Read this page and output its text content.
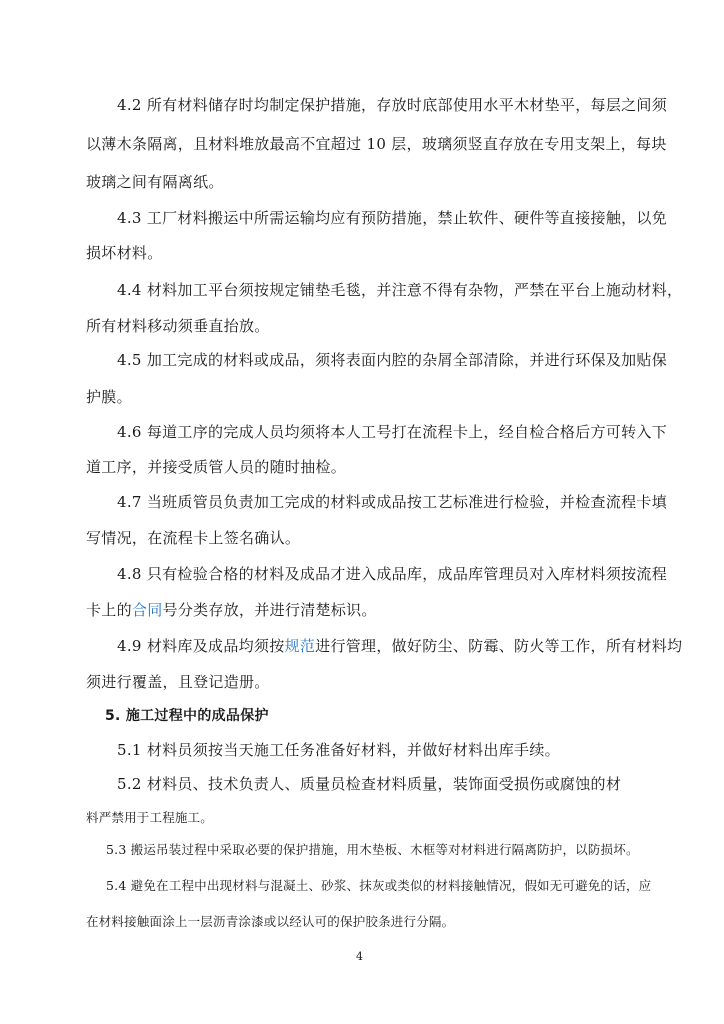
4.2 所有材料储存时均制定保护措施，存放时底部使用水平木材垫平，每层之间须
以薄木条隔离，且材料堆放最高不宜超过 10 层，玻璃须竖直存放在专用支架上，每块
玻璃之间有隔离纸。
4.3 工厂材料搬运中所需运输均应有预防措施，禁止软件、硬件等直接接触，以免
损坏材料。
4.4 材料加工平台须按规定铺垫毛毯，并注意不得有杂物，严禁在平台上施动材料，
所有材料移动须垂直抬放。
4.5 加工完成的材料或成品，须将表面内腔的杂屑全部清除，并进行环保及加贴保
护膜。
4.6 每道工序的完成人员均须将本人工号打在流程卡上，经自检合格后方可转入下
道工序，并接受质管人员的随时抽检。
4.7 当班质管员负责加工完成的材料或成品按工艺标准进行检验，并检查流程卡填
写情况，在流程卡上签名确认。
4.8 只有检验合格的材料及成品才进入成品库，成品库管理员对入库材料须按流程
卡上的合同号分类存放，并进行清楚标识。
4.9 材料库及成品均须按规范进行管理，做好防尘、防霉、防火等工作，所有材料均
须进行覆盖，且登记造册。
5. 施工过程中的成品保护
5.1 材料员须按当天施工任务准备好材料，并做好材料出库手续。
5.2 材料员、技术负责人、质量员检查材料质量，装饰面受损伤或腐蚀的材
料严禁用于工程施工。
5.3 搬运吊装过程中采取必要的保护措施，用木垫板、木框等对材料进行隔离防护，以防损坏。
5.4 避免在工程中出现材料与混凝土、砂浆、抹灰或类似的材料接触情况，假如无可避免的话，应
在材料接触面涂上一层沥青涂漆或以经认可的保护胶条进行分隔。
4
